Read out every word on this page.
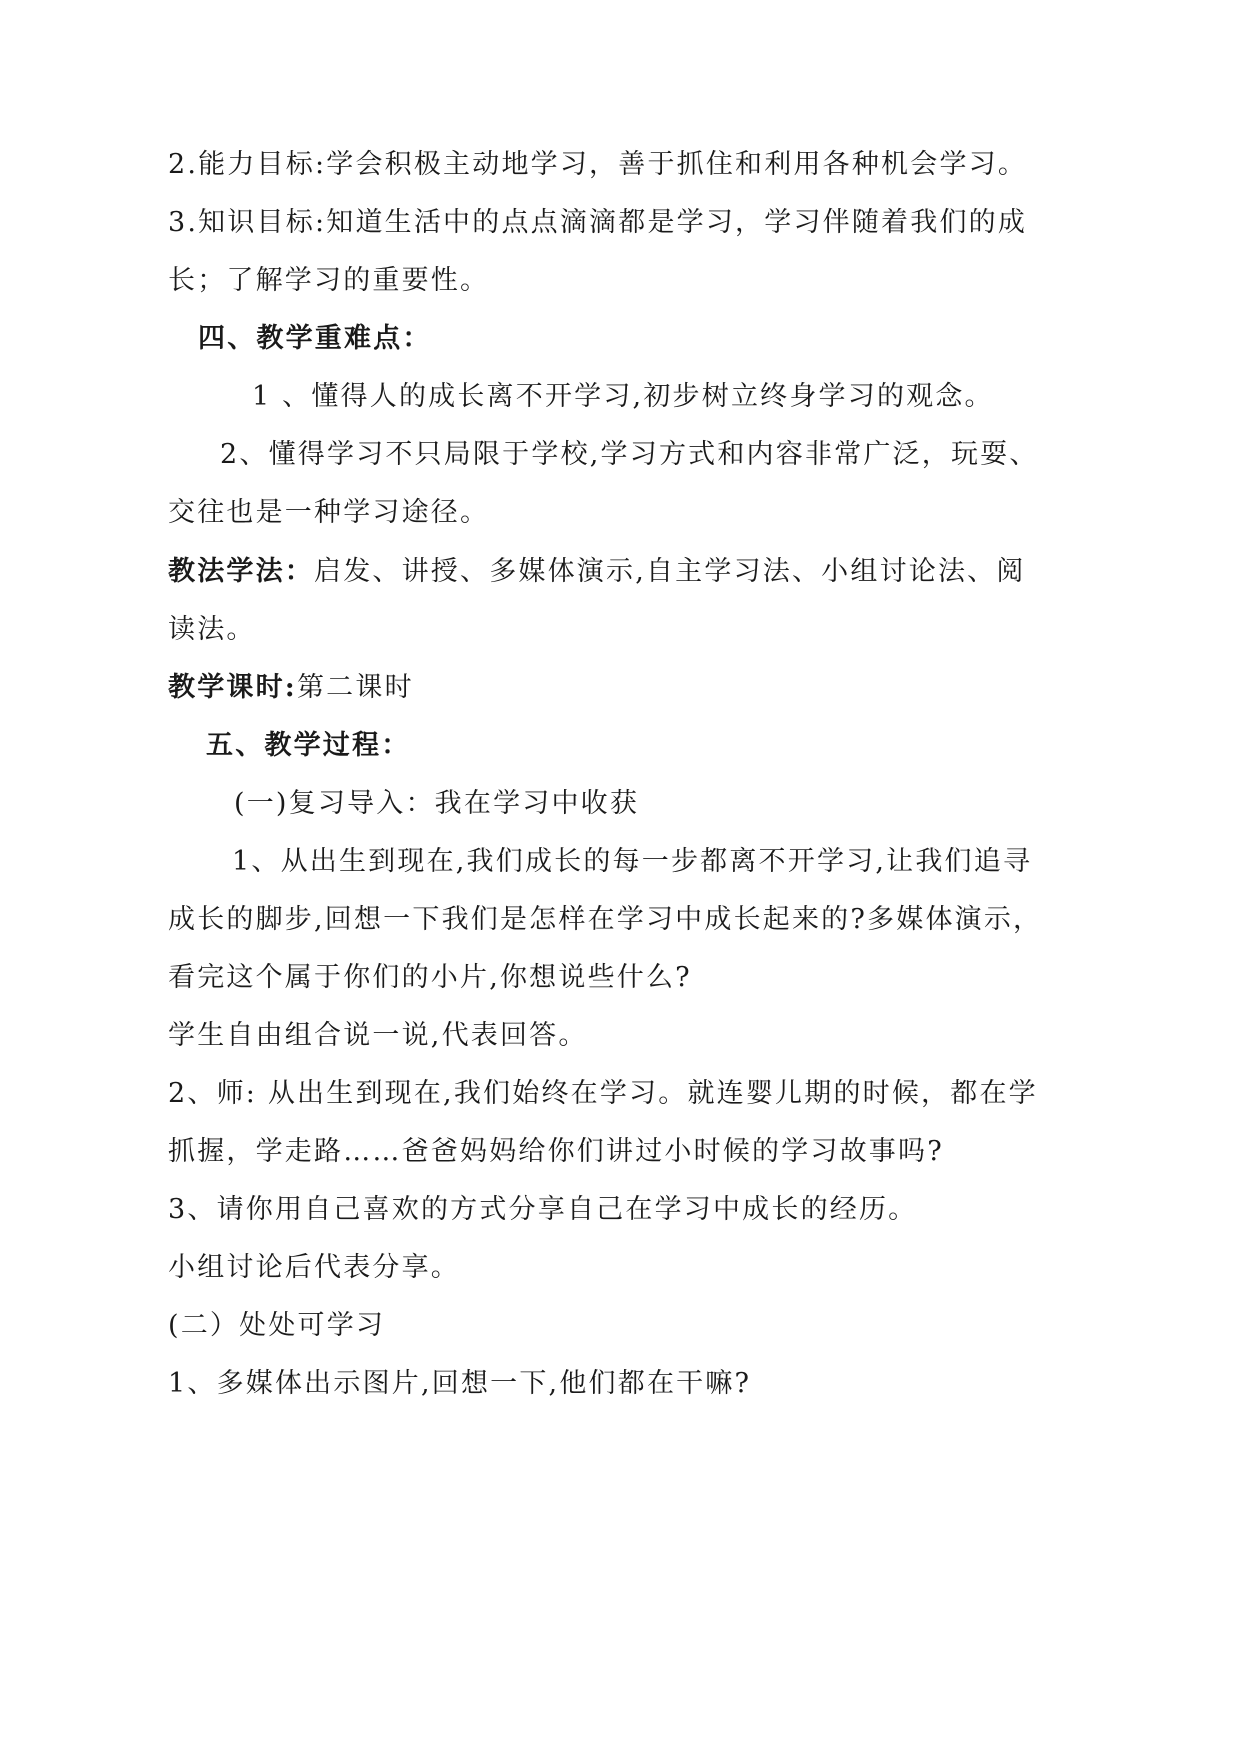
2.能力目标:学会积极主动地学习，善于抓住和利用各种机会学习。
3.知识目标:知道生活中的点点滴滴都是学习，学习伴随着我们的成
长；了解学习的重要性。
四、教学重难点：
1 、懂得人的成长离不开学习,初步树立终身学习的观念。
2、懂得学习不只局限于学校,学习方式和内容非常广泛，玩耍、
交往也是一种学习途径。
教法学法：启发、讲授、多媒体演示,自主学习法、小组讨论法、阅
读法。
教学课时:第二课时
五、教学过程：
(一)复习导入：我在学习中收获
1、从出生到现在,我们成长的每一步都离不开学习,让我们追寻
成长的脚步,回想一下我们是怎样在学习中成长起来的?多媒体演示，
看完这个属于你们的小片,你想说些什么?
学生自由组合说一说,代表回答。
2、师: 从出生到现在,我们始终在学习。就连婴儿期的时候，都在学
抓握，学走路……爸爸妈妈给你们讲过小时候的学习故事吗?
3、请你用自己喜欢的方式分享自己在学习中成长的经历。
小组讨论后代表分享。
(二）处处可学习
1、多媒体出示图片,回想一下,他们都在干嘛?
